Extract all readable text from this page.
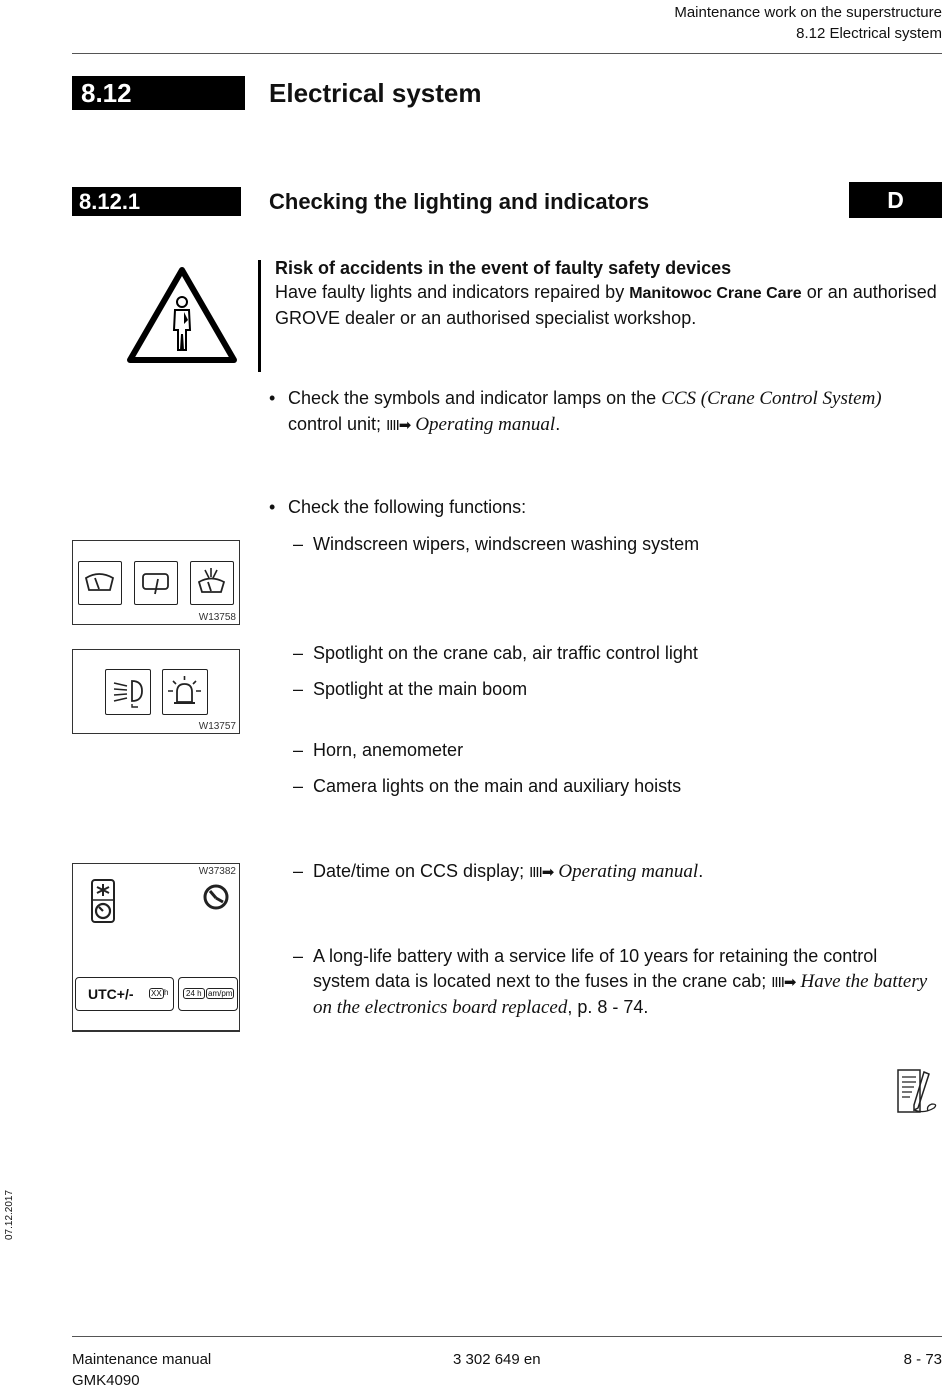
Maintenance work on the superstructure
8.12 Electrical system
8.12	Electrical system
8.12.1	Checking the lighting and indicators	D
Risk of accidents in the event of faulty safety devices
Have faulty lights and indicators repaired by Manitowoc Crane Care or an authorised GROVE dealer or an authorised specialist workshop.
• Check the symbols and indicator lamps on the CCS (Crane Control System) control unit; IIII➡ Operating manual.
• Check the following functions:
– Windscreen wipers, windscreen washing system
– Spotlight on the crane cab, air traffic control light
– Spotlight at the main boom
– Horn, anemometer
– Camera lights on the main and auxiliary hoists
– Date/time on CCS display; IIII➡ Operating manual.
– A long-life battery with a service life of 10 years for retaining the control system data is located next to the fuses in the crane cab; IIII➡ Have the battery on the electronics board replaced, p. 8 - 74.
W13758
W13757
W37382
UTC+/- XX h	24 h am/pm
07.12.2017
Maintenance manual
GMK4090
3 302 649 en	8 - 73
